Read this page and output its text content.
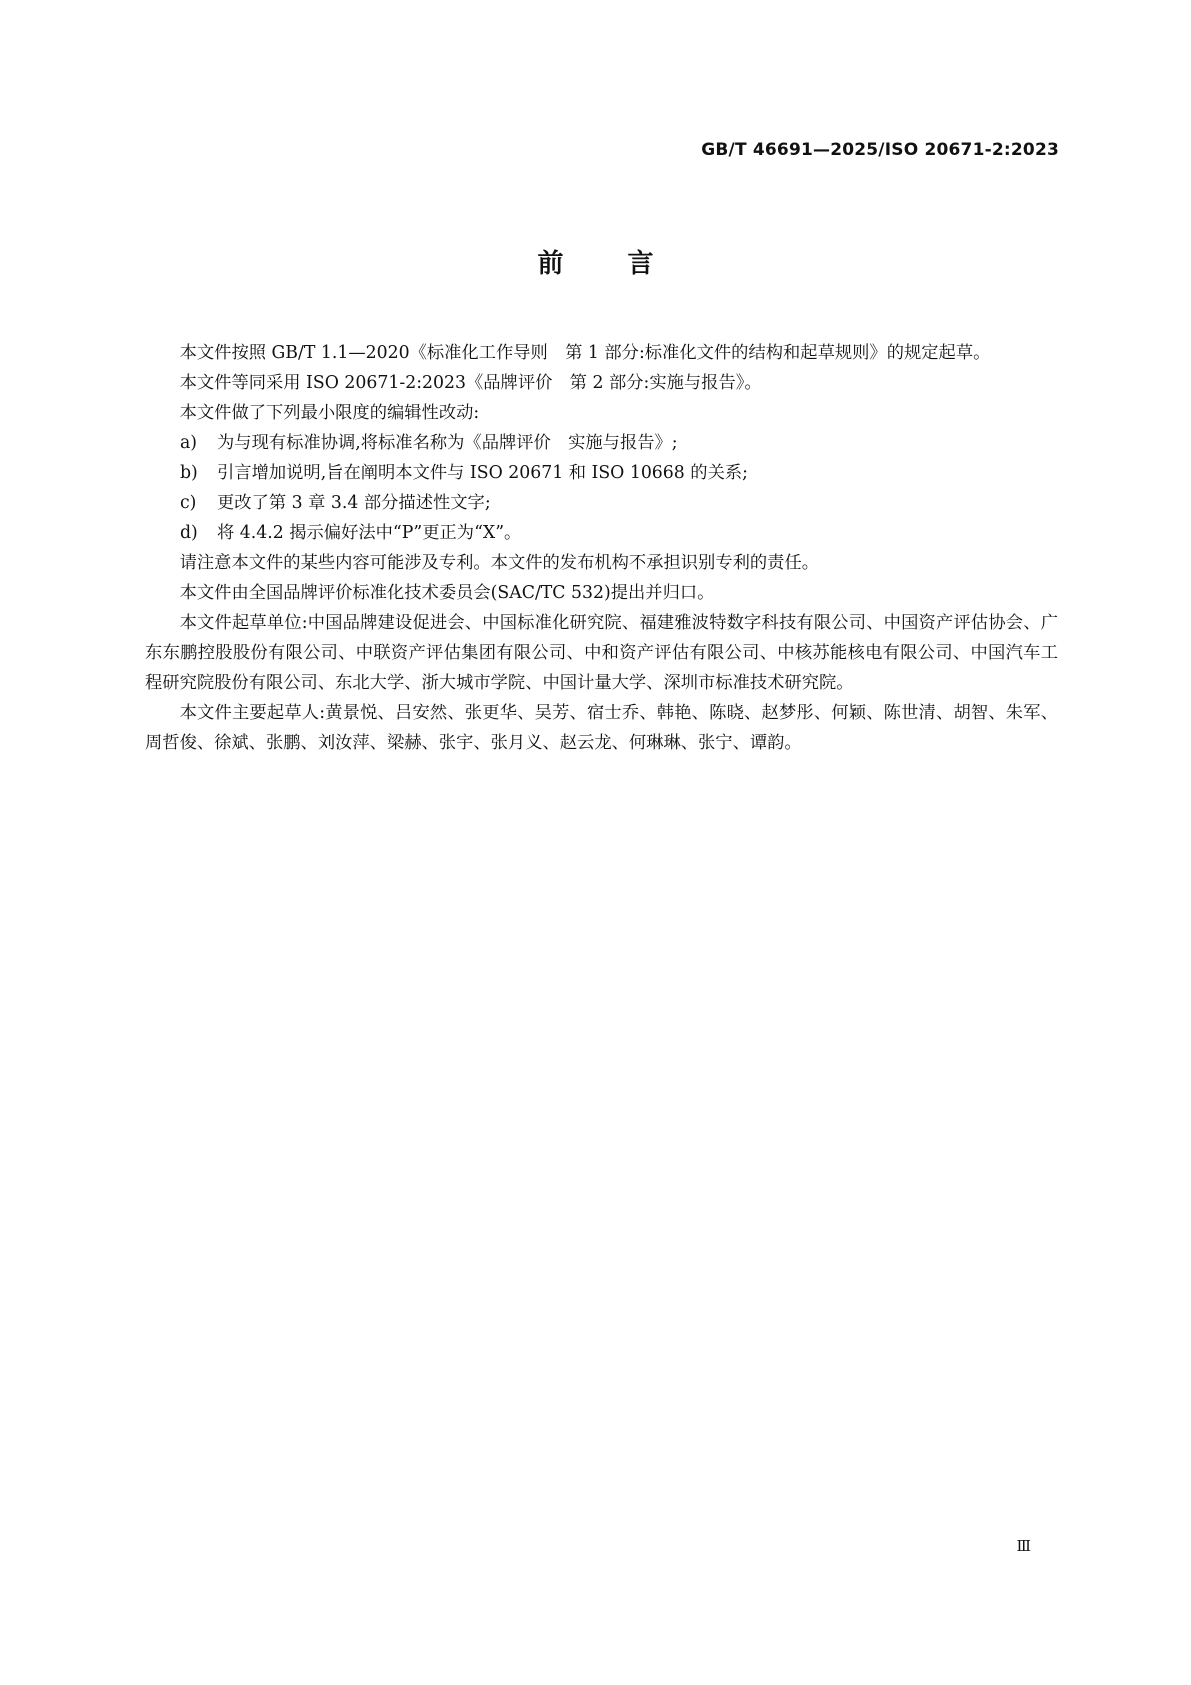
GB/T 46691—2025/ISO 20671-2:2023
前 言

本文件按照 GB/T 1.1—2020《标准化工作导则　第 1 部分:标准化文件的结构和起草规则》的规定起草。

本文件等同采用 ISO 20671-2:2023《品牌评价　第 2 部分:实施与报告》。

本文件做了下列最小限度的编辑性改动:

a) 为与现有标准协调,将标准名称为《品牌评价　实施与报告》;

b) 引言增加说明,旨在阐明本文件与 ISO 20671 和 ISO 10668 的关系;

c) 更改了第 3 章 3.4 部分描述性文字;

d) 将 4.4.2 揭示偏好法中“P”更正为“X”。

请注意本文件的某些内容可能涉及专利。本文件的发布机构不承担识别专利的责任。

本文件由全国品牌评价标准化技术委员会(SAC/TC 532)提出并归口。

本文件起草单位:中国品牌建设促进会、中国标准化研究院、福建雅波特数字科技有限公司、中国资产评估协会、广东东鹏控股股份有限公司、中联资产评估集团有限公司、中和资产评估有限公司、中核苏能核电有限公司、中国汽车工程研究院股份有限公司、东北大学、浙大城市学院、中国计量大学、深圳市标准技术研究院。

本文件主要起草人:黄景悦、吕安然、张更华、吴芳、宿士乔、韩艳、陈晓、赵梦彤、何颖、陈世清、胡智、朱军、周哲俊、徐斌、张鹏、刘汝萍、梁赫、张宇、张月义、赵云龙、何琳琳、张宁、谭韵。

Ⅲ
